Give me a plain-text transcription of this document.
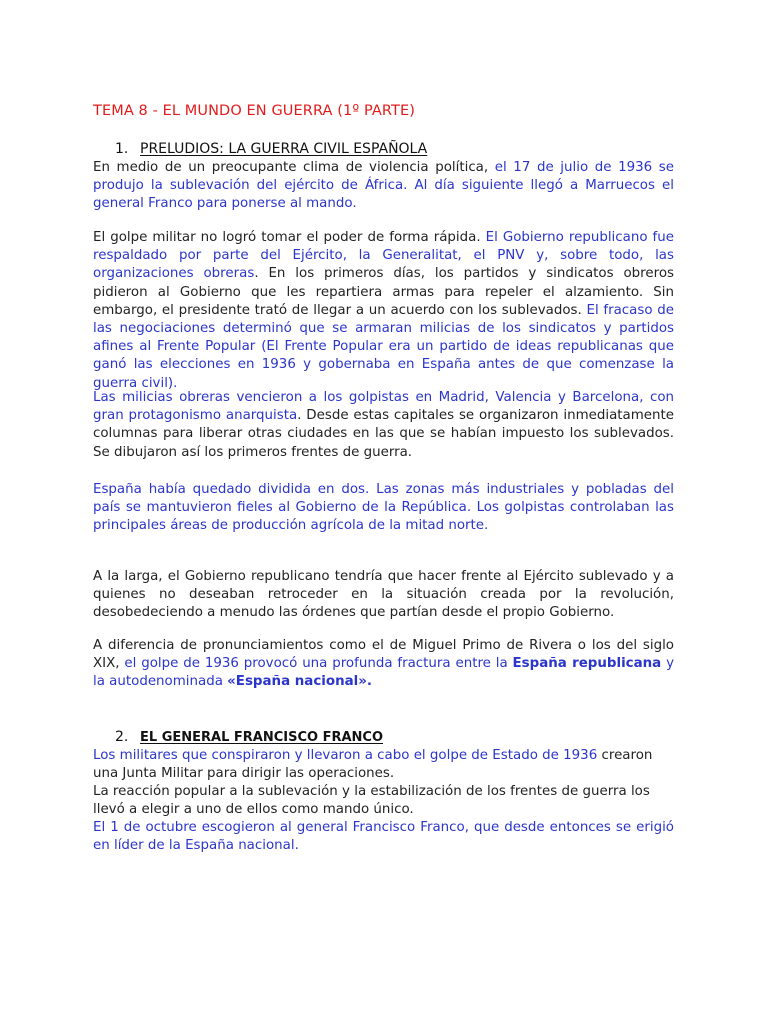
TEMA 8 - EL MUNDO EN GUERRA (1º PARTE)
1. PRELUDIOS: LA GUERRA CIVIL ESPAÑOLA

En medio de un preocupante clima de violencia política, el 17 de julio de 1936 se produjo la sublevación del ejército de África. Al día siguiente llegó a Marruecos el general Franco para ponerse al mando.

El golpe militar no logró tomar el poder de forma rápida. El Gobierno republicano fue respaldado por parte del Ejército, la Generalitat, el PNV y, sobre todo, las organizaciones obreras. En los primeros días, los partidos y sindicatos obreros pidieron al Gobierno que les repartiera armas para repeler el alzamiento. Sin embargo, el presidente trató de llegar a un acuerdo con los sublevados. El fracaso de las negociaciones determinó que se armaran milicias de los sindicatos y partidos afines al Frente Popular (El Frente Popular era un partido de ideas republicanas que ganó las elecciones en 1936 y gobernaba en España antes de que comenzase la guerra civil).

Las milicias obreras vencieron a los golpistas en Madrid, Valencia y Barcelona, con gran protagonismo anarquista. Desde estas capitales se organizaron inmediatamente columnas para liberar otras ciudades en las que se habían impuesto los sublevados. Se dibujaron así los primeros frentes de guerra.

España había quedado dividida en dos. Las zonas más industriales y pobladas del país se mantuvieron fieles al Gobierno de la República. Los golpistas controlaban las principales áreas de producción agrícola de la mitad norte.

A la larga, el Gobierno republicano tendría que hacer frente al Ejército sublevado y a quienes no deseaban retroceder en la situación creada por la revolución, desobedeciendo a menudo las órdenes que partían desde el propio Gobierno.

A diferencia de pronunciamientos como el de Miguel Primo de Rivera o los del siglo XIX, el golpe de 1936 provocó una profunda fractura entre la España republicana y la autodenominada «España nacional».

2. EL GENERAL FRANCISCO FRANCO

Los militares que conspiraron y llevaron a cabo el golpe de Estado de 1936 crearon una Junta Militar para dirigir las operaciones.

La reacción popular a la sublevación y la estabilización de los frentes de guerra los llevó a elegir a uno de ellos como mando único.

El 1 de octubre escogieron al general Francisco Franco, que desde entonces se erigió en líder de la España nacional.
